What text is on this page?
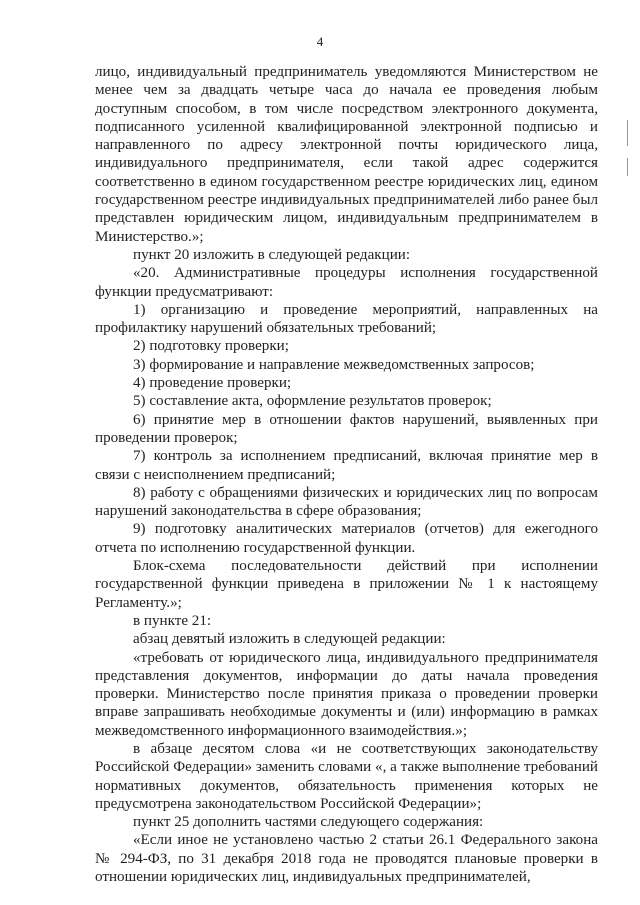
4

лицо, индивидуальный предприниматель уведомляются Министерством не менее чем за двадцать четыре часа до начала ее проведения любым доступным способом, в том числе посредством электронного документа, подписанного усиленной квалифицированной электронной подписью и направленного по адресу электронной почты юридического лица, индивидуального предпринимателя, если такой адрес содержится соответственно в едином государственном реестре юридических лиц, едином государственном реестре индивидуальных предпринимателей либо ранее был представлен юридическим лицом, индивидуальным предпринимателем в Министерство.»;

пункт 20 изложить в следующей редакции:

«20. Административные процедуры исполнения государственной функции предусматривают:

1) организацию и проведение мероприятий, направленных на профилактику нарушений обязательных требований;

2) подготовку проверки;

3) формирование и направление межведомственных запросов;

4) проведение проверки;

5) составление акта, оформление результатов проверок;

6) принятие мер в отношении фактов нарушений, выявленных при проведении проверок;

7) контроль за исполнением предписаний, включая принятие мер в связи с неисполнением предписаний;

8) работу с обращениями физических и юридических лиц по вопросам нарушений законодательства в сфере образования;

9) подготовку аналитических материалов (отчетов) для ежегодного отчета по исполнению государственной функции.

Блок-схема последовательности действий при исполнении государственной функции приведена в приложении № 1 к настоящему Регламенту.»;

в пункте 21:

абзац девятый изложить в следующей редакции:

«требовать от юридического лица, индивидуального предпринимателя представления документов, информации до даты начала проведения проверки. Министерство после принятия приказа о проведении проверки вправе запрашивать необходимые документы и (или) информацию в рамках межведомственного информационного взаимодействия.»;

в абзаце десятом слова «и не соответствующих законодательству Российской Федерации» заменить словами «, а также выполнение требований нормативных документов, обязательность применения которых не предусмотрена законодательством Российской Федерации»;

пункт 25 дополнить частями следующего содержания:

«Если иное не установлено частью 2 статьи 26.1 Федерального закона № 294-ФЗ, по 31 декабря 2018 года не проводятся плановые проверки в отношении юридических лиц, индивидуальных предпринимателей,
